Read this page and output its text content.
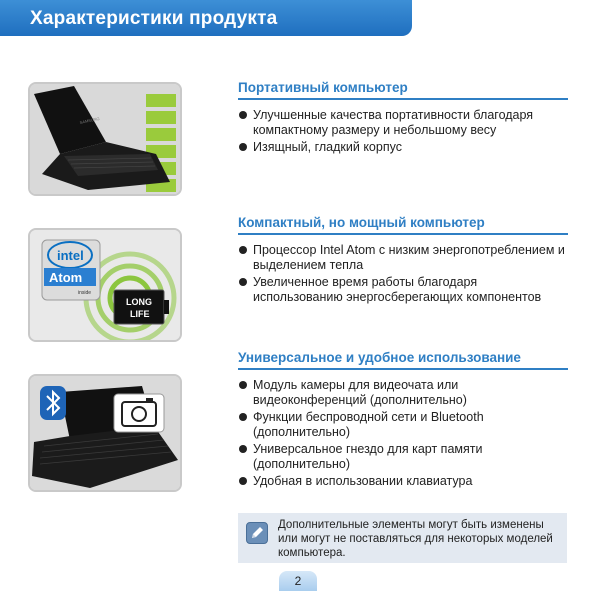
Характеристики продукта
SAMSUNG
intel
Atom
inside
LONG
LIFE
Портативный компьютер
Улучшенные качества портативности благодаря компактному размеру и небольшому весу
Изящный, гладкий корпус
Компактный, но мощный компьютер
Процессор Intel Atom с низким энергопотреблением и выделением тепла
Увеличенное время работы благодаря использованию энергосберегающих компонентов
Универсальное и удобное использование
Модуль камеры для видеочата или видеоконференций (дополнительно)
Функции беспроводной сети и Bluetooth (дополнительно)
Универсальное гнездо для карт памяти (дополнительно)
Удобная в использовании клавиатура
Дополнительные элементы могут быть изменены или могут не поставляться для некоторых моделей компьютера.
2
